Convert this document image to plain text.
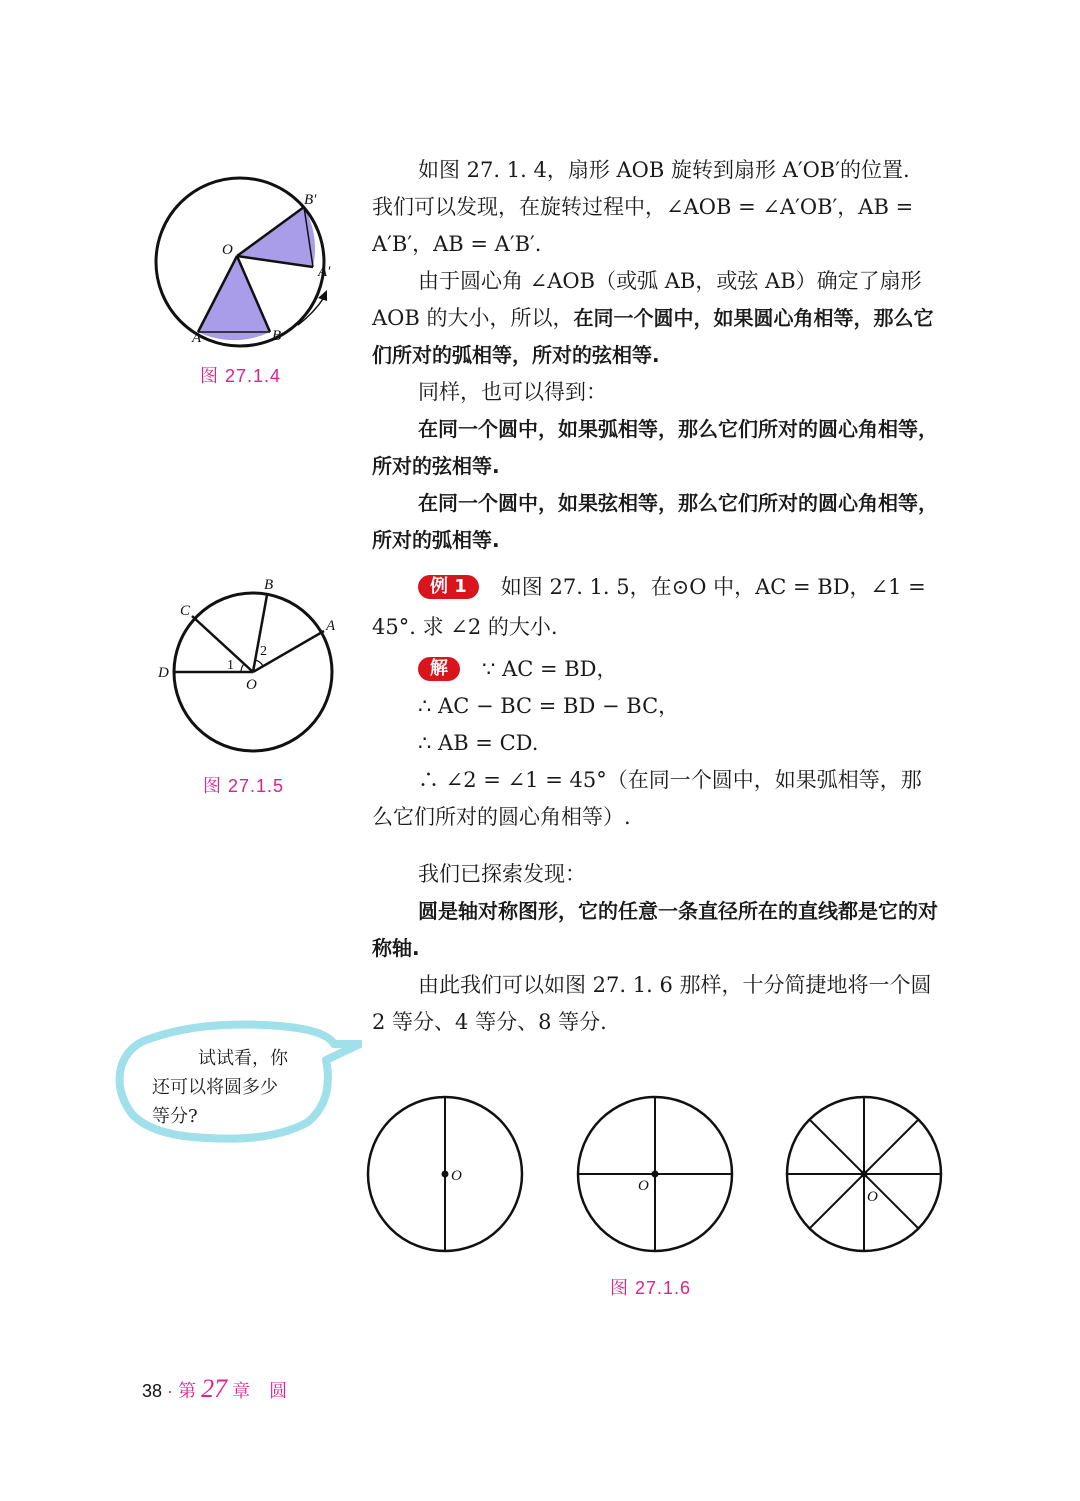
O
A	B
A′
B′
图 27.1.4
1
2
O
D
C
B
A
图 27.1.5

如图 27. 1. 4，扇形 AOB 旋转到扇形 A′OB′的位置.

我们可以发现，在旋转过程中，∠AOB = ∠A′OB′，AB =

A′B′，AB = A′B′.

由于圆心角 ∠AOB（或弧 AB，或弦 AB）确定了扇形
AOB 的大小，所以，在同一个圆中，如果圆心角相等，那么它们所对的弧相等，所对的弦相等.

同样，也可以得到：

在同一个圆中，如果弧相等，那么它们所对的圆心角相等，所对的弦相等.

在同一个圆中，如果弦相等，那么它们所对的圆心角相等，所对的弧相等.

例 1 如图 27. 1. 5，在⊙O 中，AC = BD，∠1 = 45°. 求 ∠2 的大小.

解 ∵ AC = BD，

∴ AC − BC = BD − BC，

∴ AB = CD.

∴ ∠2 = ∠1 = 45°（在同一个圆中，如果弧相等，那么它们所对的圆心角相等）.

我们已探索发现：

圆是轴对称图形，它的任意一条直径所在的直线都是它的对称轴.

由此我们可以如图 27. 1. 6 那样，十分简捷地将一个圆 2 等分、4 等分、8 等分.

试试看，你
还可以将圆多少
等分?
O
O
O
图 27.1.6
38 · 第 27 章 圆
